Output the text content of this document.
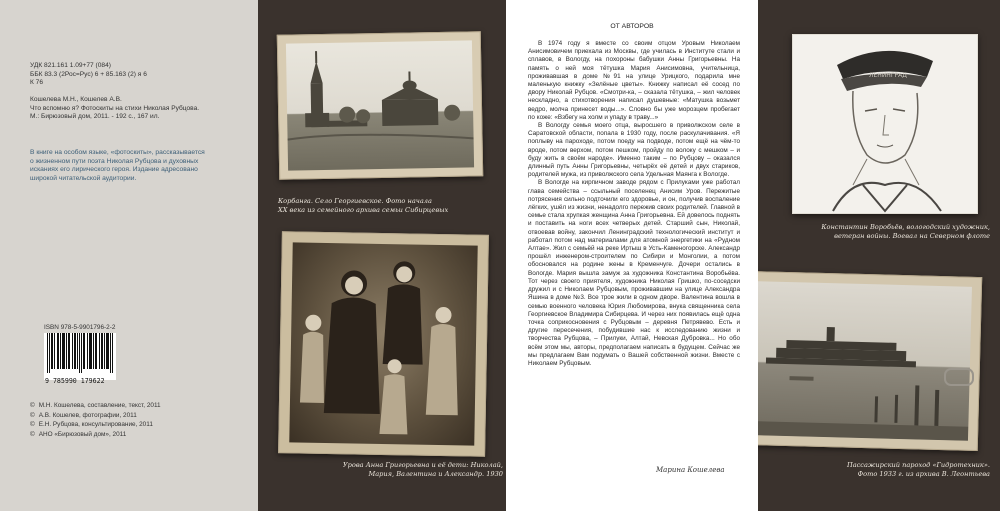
УДК 821.161 1.09+77 (084)
ББК 83.3 (2Рос=Рус) 6 + 85.163 (2) я 6
К 76
Кошелева М.Н., Кошелев А.В.
Что вспомню я? Фотоскиты на стихи Николая Рубцова.
М.: Бирюзовый дом, 2011. - 192 с., 167 ил.
В книге на особом языке, «фотоскиты», рассказывается
о жизненном пути поэта Николая Рубцова и духовных
исканиях его лирического героя. Издание адресовано
широкой читательской аудитории.
ISBN 978-5-9901796-2-2
9 785990 179622
© М.Н. Кошелева, составление, текст, 2011
© А.В. Кошелев, фотографии, 2011
© Е.Н. Рубцова, консультирование, 2011
© АНО «Бирюзовый дом», 2011
Корбанга. Село Георгиевское. Фото начала
XX века из семейного архива семьи Сибирцевых
Урова Анна Григорьевна и её дети: Николай,
Мария, Валентина и Александр. 1930
ОТ АВТОРОВ

В 1974 году я вместе со своим отцом Уровым Николаем Анисимовичем приехала из Москвы, где училась в Институте стали и сплавов, в Вологду, на похороны бабушки Анны Григорьевны. На память о ней моя тётушка Мария Анисимовна, учительница, проживавшая в доме №91 на улице Урицкого, подарила мне маленькую книжку «Зелёные цветы». Книжку написал её сосед по двору Николай Рубцов. «Смотри-ка, – сказала тётушка, – жил человек нескладно, а стихотворения написал душевные: «Матушка возьмет ведро, молча принесет воды...». Словно бы уже морозцем пробегает по коже: «Взбегу на холм и упаду в траву...»

В Вологду семья моего отца, выросшего в приволжском селе в Саратовской области, попала в 1930 году, после раскулачивания. «Я поплыву на пароходе, потом поеду на подводе, потом ещё на чём-то вроде, потом верхом, потом пешком, пройду по волоку с мешком – и буду жить в своём народе». Именно таким – по Рубцову – оказался длинный путь Анны Григорьевны, четырёх её детей и двух стариков, родителей мужа, из приволжского села Удельная Маянга к Вологде.

В Вологде на кирпичном заводе рядом с Прилуками уже работал глава семейства – ссыльный поселенец Анисим Уров. Пережитые потрясения сильно подточили его здоровье, и он, получив воспаление лёгких, ушёл из жизни, ненадолго пережив своих родителей. Главной в семье стала хрупкая женщина Анна Григорьевна. Ей довелось поднять и поставить на ноги всех четверых детей. Старший сын, Николай, отвоевав войну, закончил Ленинградский технологический институт и работал потом над материалами для атомной энергетики на «Рудном Алтае». Жил с семьёй на реке Иртыш в Усть-Каменогорске. Александр прошёл инженером-строителем по Сибири и Монголии, а потом обосновался на родине жены в Кременчуге. Дочери остались в Вологде. Мария вышла замуж за художника Константина Воробьёва. Тот через своего приятеля, художника Николая Гришко, по-соседски дружил и с Николаем Рубцовым, проживавшим на улице Александра Яшина в доме №3. Все трое жили в одном дворе. Валентина вошла в семью военного человека Юрия Любомирова, внука священника села Георгиевское Владимира Сибирцева. И через них появилась ещё одна точка соприкосновения с Рубцовым – деревня Петрявево. Есть и другие пересечения, побудившие нас к исследованию жизни и творчества Рубцова, – Прилуки, Алтай, Невская Дубровка... Но обо всём этом мы, авторы, предполагаем написать в будущем. Сейчас же мы предлагаем Вам подумать о Вашей собственной жизни. Вместе с Николаем Рубцовым.

Марина Кошелева
ЛЕНИНГРАД
Константин Воробьёв, вологодский художник,
ветеран войны. Воевал на Северном флоте
Пассажирский пароход «Гидротехник».
Фото 1933 г. из архива В. Леонтьева
